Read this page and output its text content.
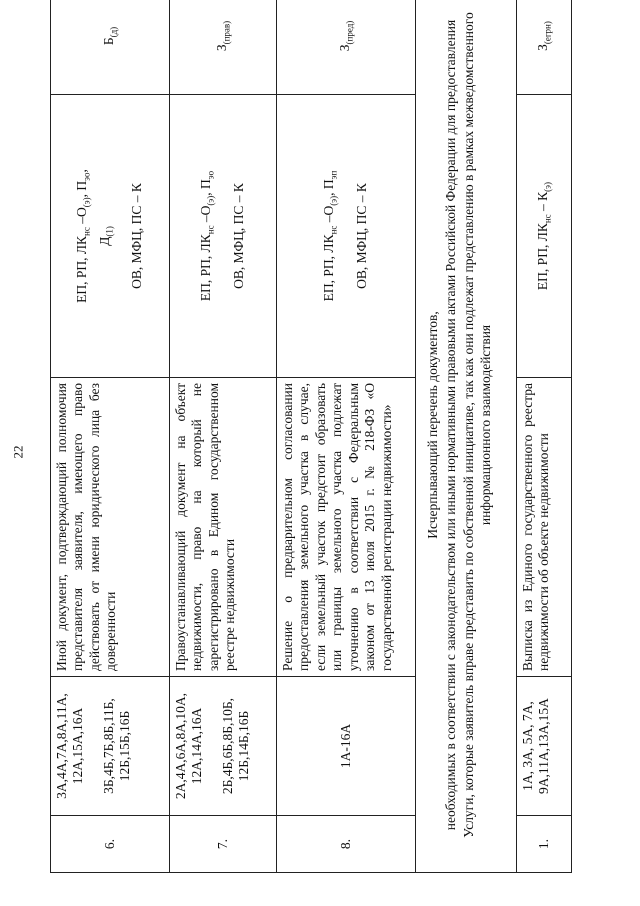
22
6.	3А,4А,7А,8А,11А, 12А,15А,16А 3Б,4Б,7Б,8Б,11Б, 12Б,15Б,16Б	Иной документ, подтверждающий полномочия представителя заявителя, имеющего право действовать от имени юридического лица без доверенности	ЕП, РП, $ЛК_{нс}$ $-О_{(э)}$, $П_{эо}$,
$Д_{(1)}$ ОВ, МФЦ, ПС – К	$Б_{(д)}$
7.	2А,4А,6А,8А,10А, 12А,14А,16А 2Б,4Б,6Б,8Б,10Б, 12Б,14Б,16Б	Правоустанавливающий документ на объект недвижимости, право на который не зарегистрировано в Едином государственном реестре недвижимости	ЕП, РП, $ЛК_{нс}$ $-О_{(э)}$, $П_{эо}$
ОВ, МФЦ, ПС – К	$З_{(прав)}$
8.	1А-16А	Решение о предварительном согласовании предоставления земельного участка в случае, если земельный участок предстоит образовать или границы земельного участка подлежат уточнению в соответствии с Федеральным законом от 13 июля 2015 г. № 218-ФЗ «О государственной регистрации недвижимости»	ЕП, РП, $ЛК_{нс}$ $-О_{(э)}$, $П_{эп}$
ОВ, МФЦ, ПС – К	$З_{(пред)}$

Исчерпывающий перечень документов, необходимых в соответствии с законодательством или иными нормативными правовыми актами Российской Федерации для предоставления Услуги, которые заявитель вправе представить по собственной инициативе, так как они подлежат представлению в рамках межведомственного информационного взаимодействия				

1.	1А, 3А, 5А, 7А, 9А,11А,13А,15А	Выписка из Единого государственного реестра недвижимости об объекте недвижимости	ЕП, РП, $ЛК_{нс} - К_{(э)}$	$З_{(егрн)}$
